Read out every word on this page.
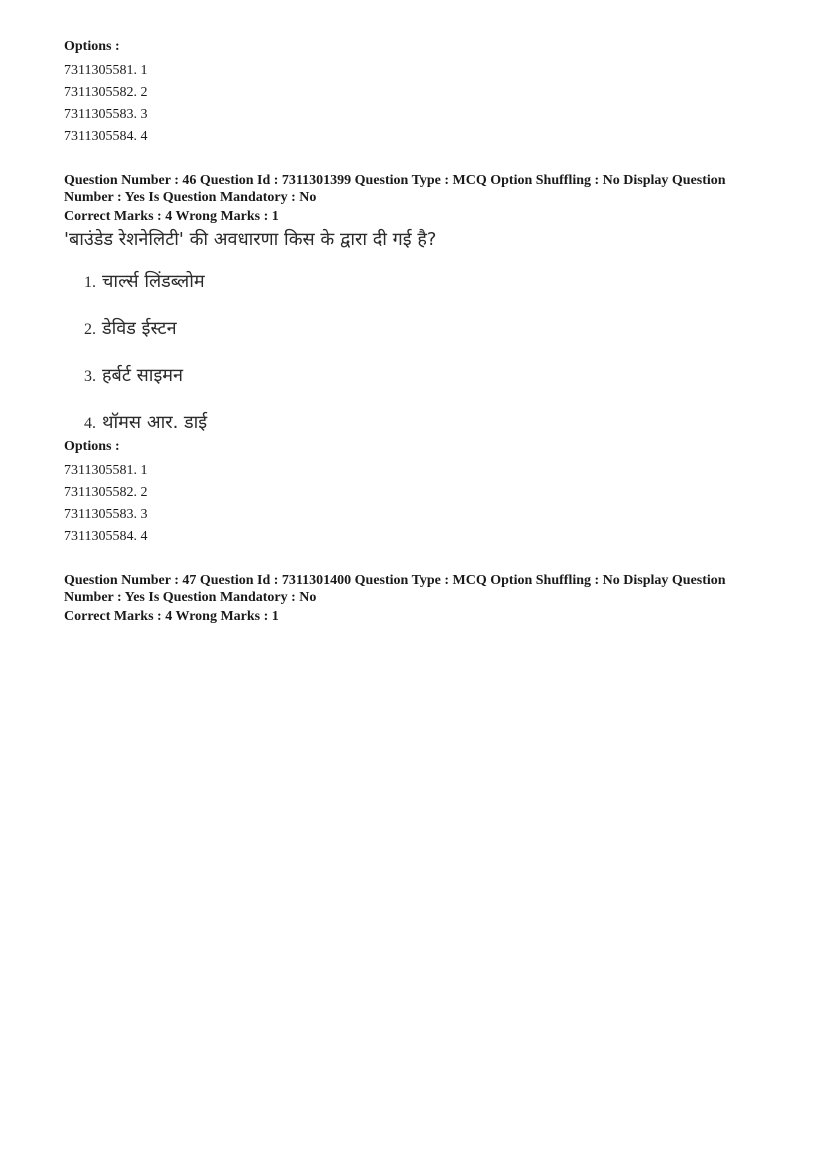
Options :

7311305581. 1

7311305582. 2

7311305583. 3

7311305584. 4

Question Number : 46 Question Id : 7311301399 Question Type : MCQ Option Shuffling : No Display Question Number : Yes Is Question Mandatory : No

Correct Marks : 4 Wrong Marks : 1

'बाउंडेड रेशनेलिटी' की अवधारणा किस के द्वारा दी गई है?

1. चार्ल्स लिंडब्लोम

2. डेविड ईस्टन

3. हर्बर्ट साइमन

4. थॉमस आर. डाई

Options :

7311305581. 1

7311305582. 2

7311305583. 3

7311305584. 4

Question Number : 47 Question Id : 7311301400 Question Type : MCQ Option Shuffling : No Display Question Number : Yes Is Question Mandatory : No

Correct Marks : 4 Wrong Marks : 1
